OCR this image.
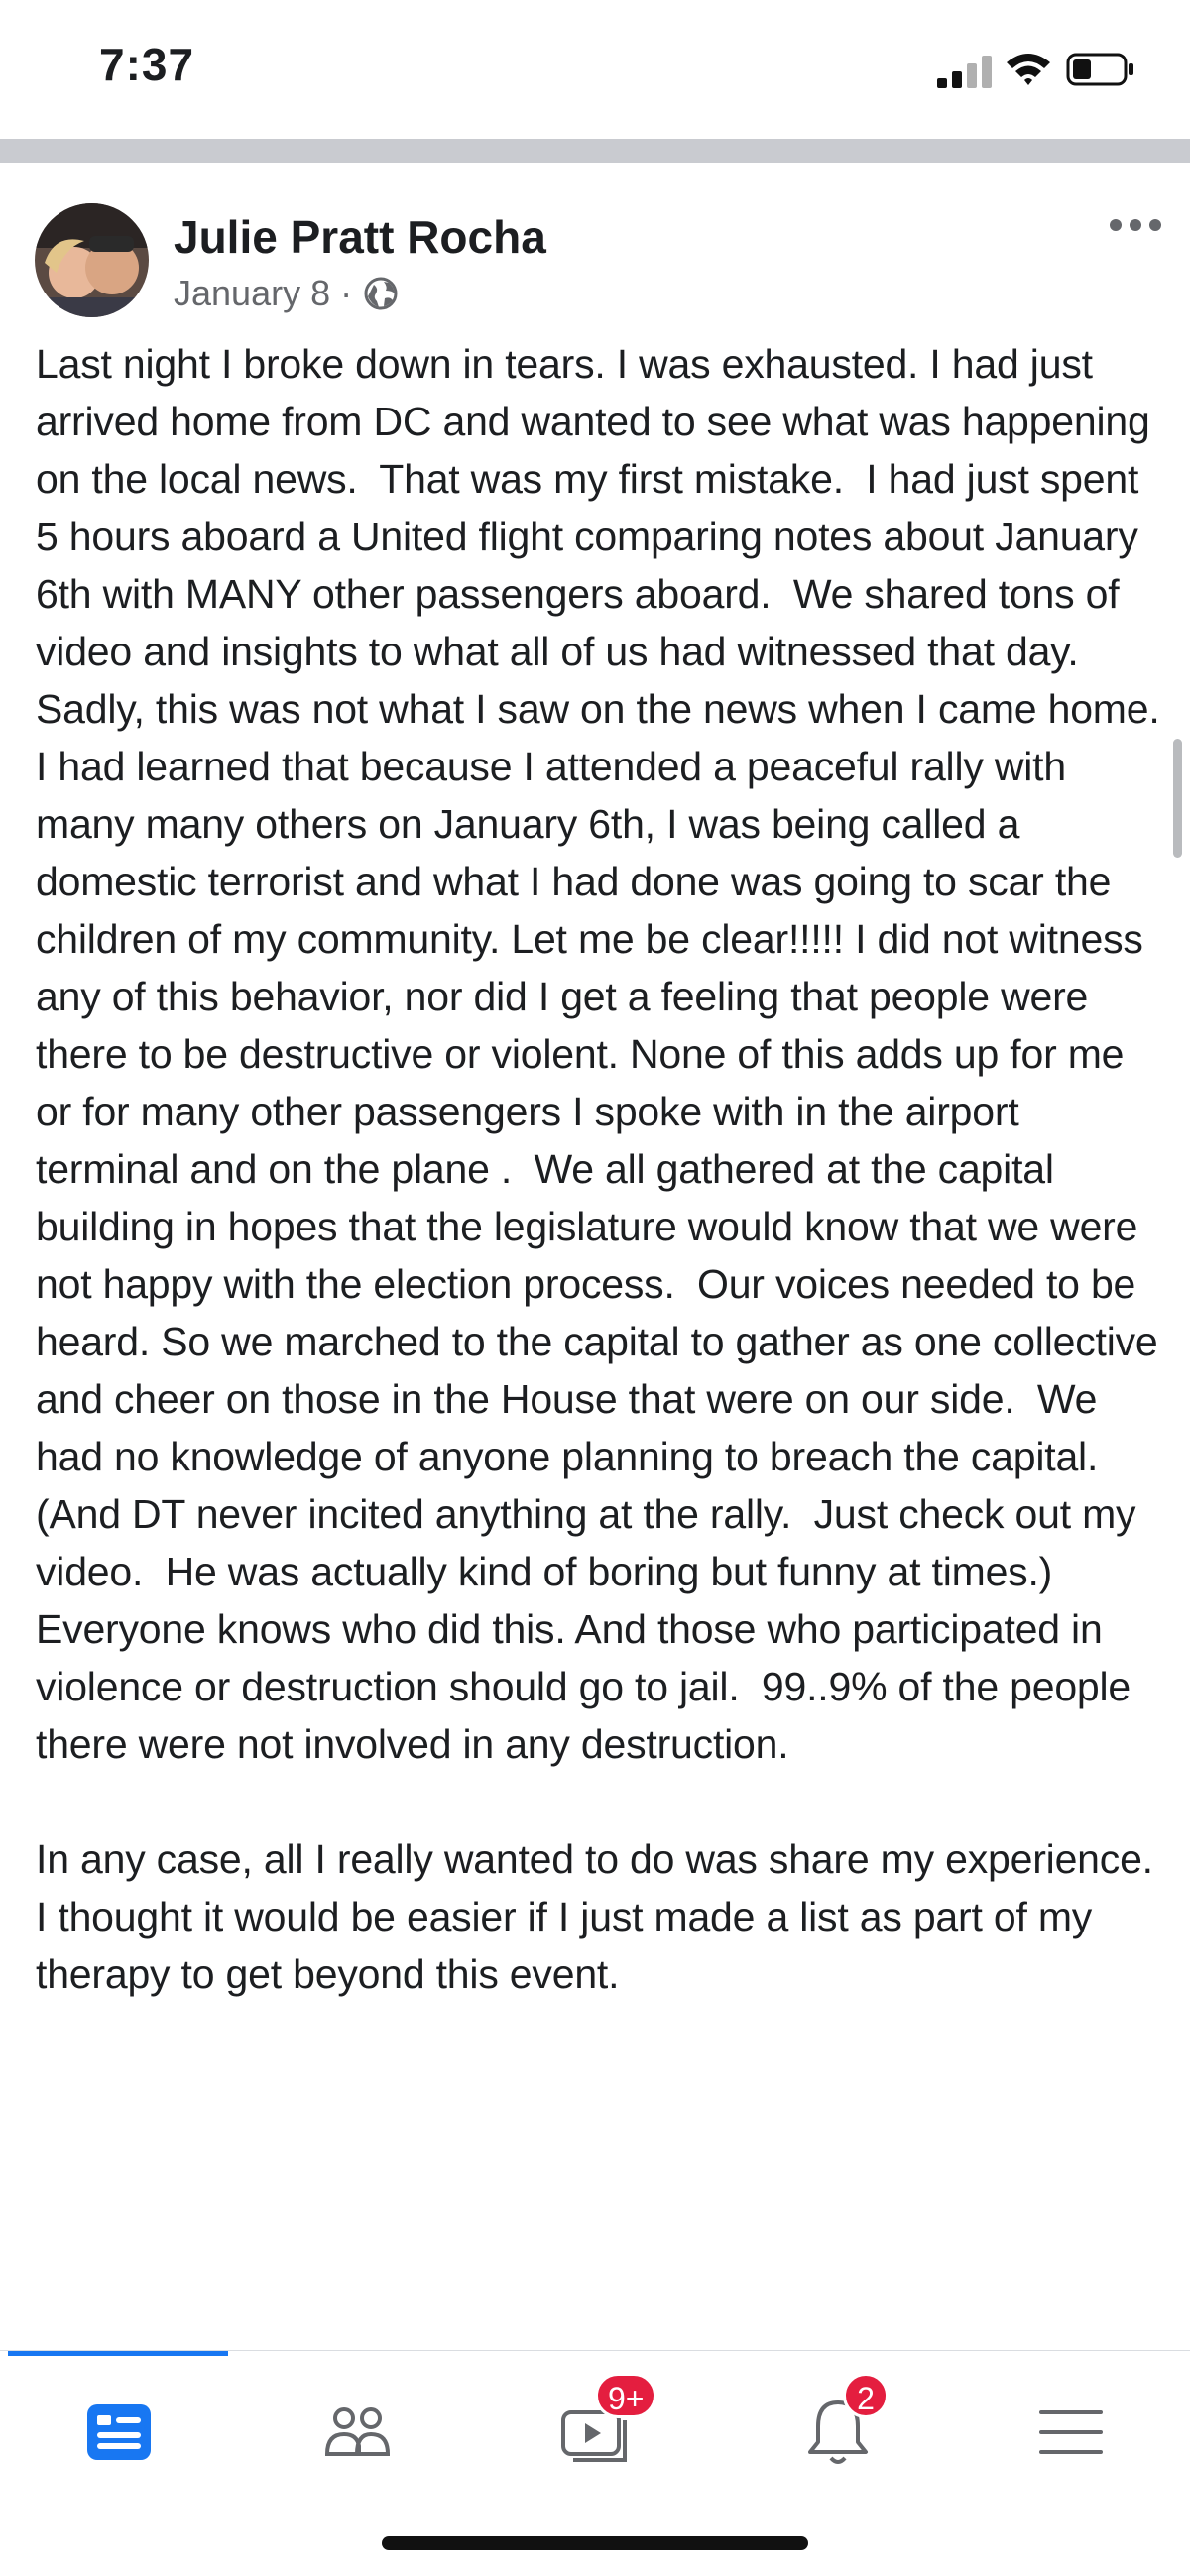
7:37
Julie Pratt Rocha
January 8 ·

Last night I broke down in tears. I was exhausted. I had just arrived home from DC and wanted to see what was happening on the local news.  That was my first mistake.  I had just spent 5 hours aboard a United flight comparing notes about January 6th with MANY other passengers aboard.  We shared tons of video and insights to what all of us had witnessed that day.  Sadly, this was not what I saw on the news when I came home.  I had learned that because I attended a peaceful rally with many many others on January 6th, I was being called a domestic terrorist and what I had done was going to scar the children of my community. Let me be clear!!!!! I did not witness any of this behavior, nor did I get a feeling that people were there to be destructive or violent. None of this adds up for me or for many other passengers I spoke with in the airport terminal and on the plane .  We all gathered at the capital building in hopes that the legislature would know that we were not happy with the election process.  Our voices needed to be heard. So we marched to the capital to gather as one collective and cheer on those in the House that were on our side.  We had no knowledge of anyone planning to breach the capital.  (And DT never incited anything at the rally.  Just check out my video.  He was actually kind of boring but funny at times.) Everyone knows who did this. And those who participated in violence or destruction should go to jail.  99..9% of the people there were not involved in any destruction.

In any case, all I really wanted to do was share my experience. I thought it would be easier if I just made a list as part of my therapy to get beyond this event.

9+	2
